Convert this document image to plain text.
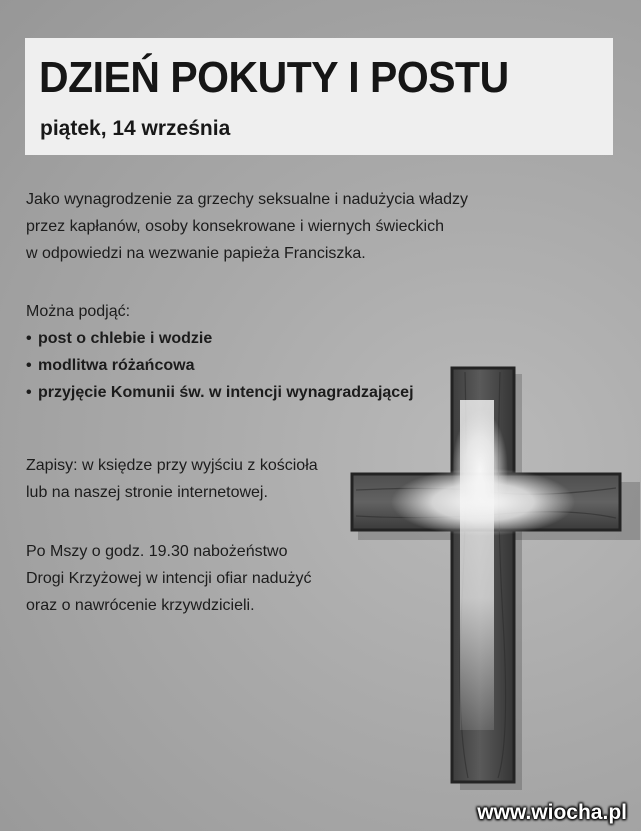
DZIEŃ POKUTY I POSTU
piątek, 14 września
Jako wynagrodzenie za grzechy seksualne i nadużycia władzy
przez kapłanów, osoby konsekrowane i wiernych świeckich
w odpowiedzi na wezwanie papieża Franciszka.
Można podjąć:
• post o chlebie i wodzie
• modlitwa różańcowa
• przyjęcie Komunii św. w intencji wynagradzającej
Zapisy: w księdze przy wyjściu z kościoła
lub na naszej stronie internetowej.
Po Mszy o godz. 19.30 nabożeństwo
Drogi Krzyżowej w intencji ofiar nadużyć
oraz o nawrócenie krzywdzicieli.
www.wiocha.pl
